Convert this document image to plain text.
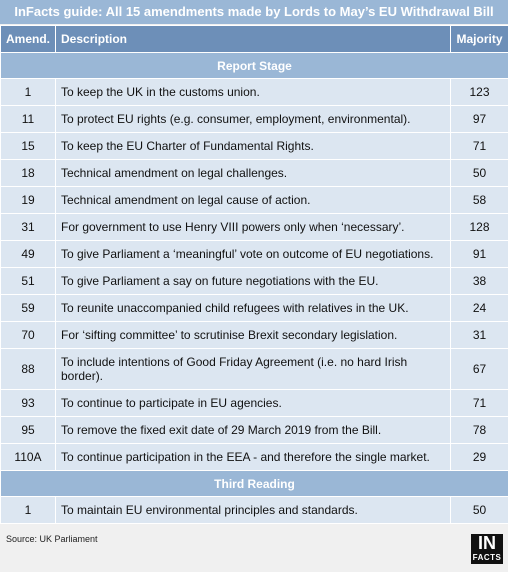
InFacts guide: All 15 amendments made by Lords to May’s EU Withdrawal Bill
Amend.	Description	Majority
Report Stage		
1	To keep the UK in the customs union.	123
11	To protect EU rights (e.g. consumer, employment, environmental).	97
15	To keep the EU Charter of Fundamental Rights.	71
18	Technical amendment on legal challenges.	50
19	Technical amendment on legal cause of action.	58
31	For government to use Henry VIII powers only when ‘necessary’.	128
49	To give Parliament a ‘meaningful’ vote on outcome of EU negotiations.	91
51	To give Parliament a say on future negotiations with the EU.	38
59	To reunite unaccompanied child refugees with relatives in the UK.	24
70	For ‘sifting committee’ to scrutinise Brexit secondary legislation.	31
88	To include intentions of Good Friday Agreement (i.e. no hard Irish border).	67
93	To continue to participate in EU agencies.	71
95	To remove the fixed exit date of 29 March 2019 from the Bill.	78
110A	To continue participation in the EEA - and therefore the single market.	29
Third Reading		
1	To maintain EU environmental principles and standards.	50
Source: UK Parliament	IN
FACTS
